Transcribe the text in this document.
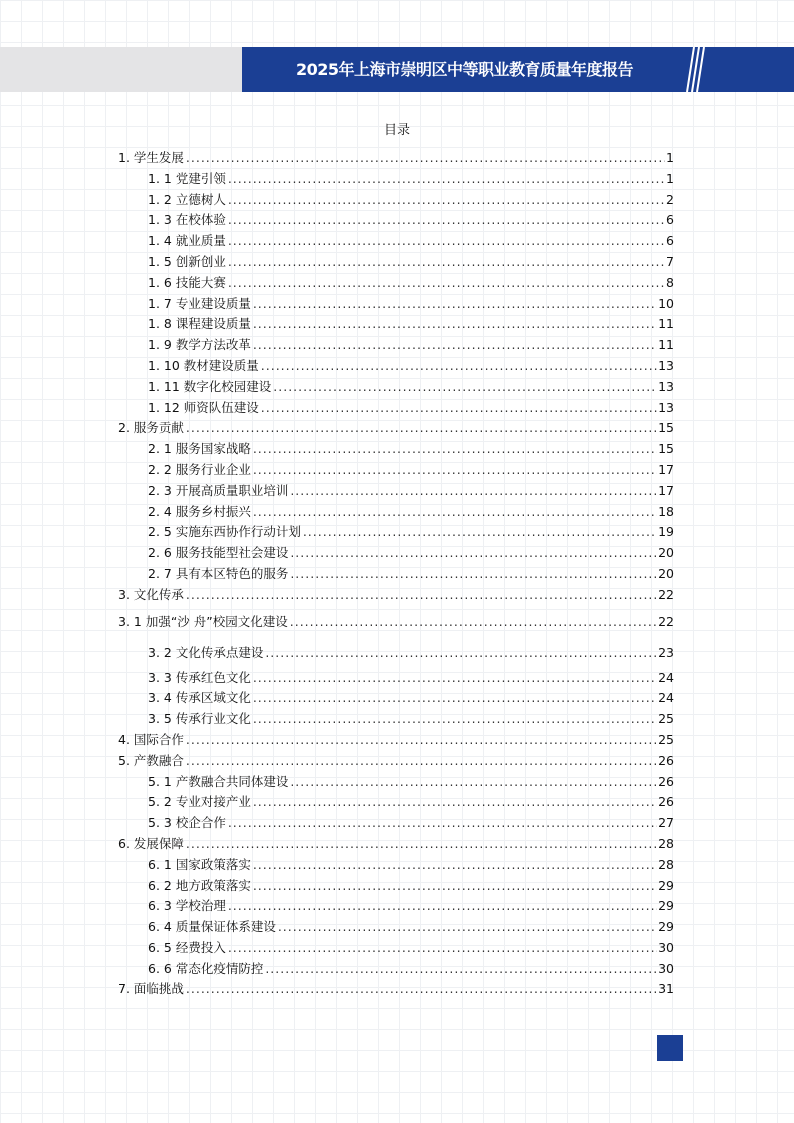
2025年上海市崇明区中等职业教育质量年度报告
目录
1. 学生发展 .....	1
1. 1 党建引领 .....	1
1. 2 立德树人 .....	2
1. 3 在校体验 .....	6
1. 4 就业质量 .....	6
1. 5 创新创业 .....	7
1. 6 技能大赛 .....	8
1. 7 专业建设质量 .....	10
1. 8 课程建设质量 .....	11
1. 9 教学方法改革 .....	11
1. 10 教材建设质量 .....	13
1. 11 数字化校园建设 .....	13
1. 12 师资队伍建设 .....	13
2. 服务贡献 .....	15
2. 1 服务国家战略 .....	15
2. 2 服务行业企业 .....	17
2. 3 开展高质量职业培训 .....	17
2. 4 服务乡村振兴 .....	18
2. 5 实施东西协作行动计划 .....	19
2. 6 服务技能型社会建设 .....	20
2. 7 具有本区特色的服务 .....	20
3. 文化传承 .....	22
3. 1 加强“沙 舟”校园文化建设 .....	22
3. 2 文化传承点建设 .....	23
3. 3 传承红色文化 .....	24
3. 4 传承区域文化 .....	24
3. 5 传承行业文化 .....	25
4. 国际合作 .....	25
5. 产教融合 .....	26
5. 1 产教融合共同体建设 .....	26
5. 2 专业对接产业 .....	26
5. 3 校企合作 .....	27
6. 发展保障 .....	28
6. 1 国家政策落实 .....	28
6. 2 地方政策落实 .....	29
6. 3 学校治理 .....	29
6. 4 质量保证体系建设 .....	29
6. 5 经费投入 .....	30
6. 6 常态化疫情防控 .....	30
7. 面临挑战 .....	31
